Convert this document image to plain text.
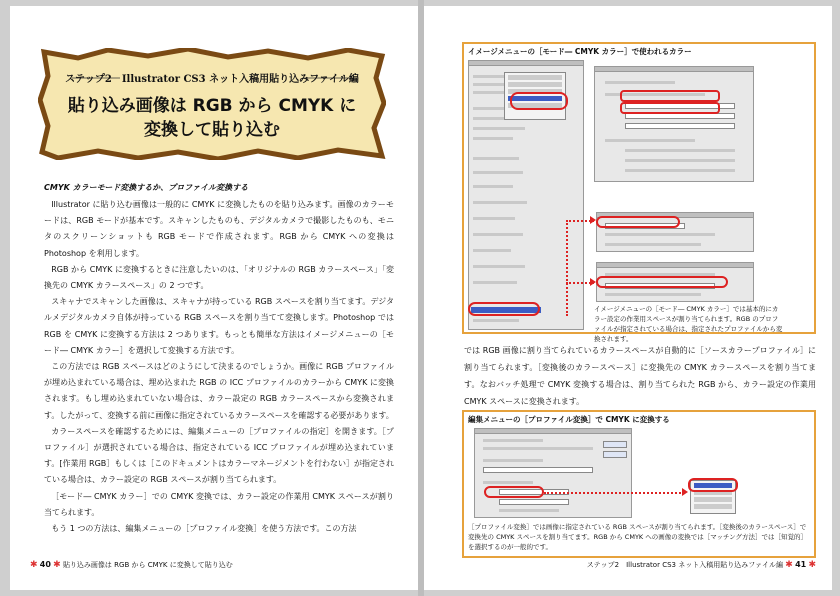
ステップ2　Illustrator CS3 ネット入稿用貼り込みファイル編
貼り込み画像は RGB から CMYK に
変換して貼り込む
CMYK カラーモード変換するか、プロファイル変換する

Illustrator に貼り込む画像は一般的に CMYK に変換したものを貼り込みます。画像のカラーモードは、RGB モードが基本です。スキャンしたものも、デジタルカメラで撮影したものも、モニタのスクリーンショットも RGB モードで作成されます。RGB から CMYK への変換は Photoshop を利用します。

RGB から CMYK に変換するときに注意したいのは、「オリジナルの RGB カラースペース」「変換先の CMYK カラースペース」の 2 つです。

スキャナでスキャンした画像は、スキャナが持っている RGB スペースを割り当てます。デジタルメデジタルカメラ自体が持っている RGB スペースを割り当てて変換します。Photoshop では RGB を CMYK に変換する方法は 2 つあります。もっとも簡単な方法はイメージメニューの［モード― CMYK カラー］を選択して変換する方法です。

この方法では RGB スペースはどのようにして決まるのでしょうか。画像に RGB プロファイルが埋め込まれている場合は、埋め込まれた RGB の ICC プロファイルのカラーから CMYK に変換されます。もし埋め込まれていない場合は、カラー設定の RGB カラースペースから変換されます。したがって、変換する前に画像に指定されているカラースペースを確認する必要があります。

カラースペースを確認するためには、編集メニューの［プロファイルの指定］を開きます。［プロファイル］が選択されている場合は、指定されている ICC プロファイルが埋め込まれています。[作業用 RGB］もしくは［このドキュメントはカラーマネージメントを行わない］が指定されている場合は、カラー設定の RGB スペースが割り当てられます。

［モード― CMYK カラー］での CMYK 変換では、カラー設定の作業用 CMYK スペースが割り当てられます。

もう 1 つの方法は、編集メニューの［プロファイル変換］を使う方法です。この方法

✱ 40 ✱ 貼り込み画像は RGB から CMYK に変換して貼り込む
イメージメニューの［モード― CMYK カラー］で使われるカラー
イメージメニューの［モード― CMYK カラー］では基本的にカラー設定の作業用スペースが割り当てられます。RGB のプロファイルが指定されている場合は、指定されたプロファイルから変換されます。
では RGB 画像に割り当てられているカラースペースが自動的に［ソースカラープロファイル］に割り当てられます。［変換後のカラースペース］に変換先の CMYK カラースペースを割り当てます。なおバッチ処理で CMYK 変換する場合は、割り当てられた RGB から、カラー設定の作業用 CMYK スペースに変換されます。
編集メニューの［プロファイル変換］で CMYK に変換する
［プロファイル変換］では画像に指定されている RGB スペースが割り当てられます。［変換後のカラースペース］で変換先の CMYK スペースを割り当てます。RGB から CMYK への画像の変換では［マッチング方法］では［知覚的］を選択するのが一般的です。
ステップ2　Illustrator CS3 ネット入稿用貼り込みファイル編 ✱ 41 ✱
